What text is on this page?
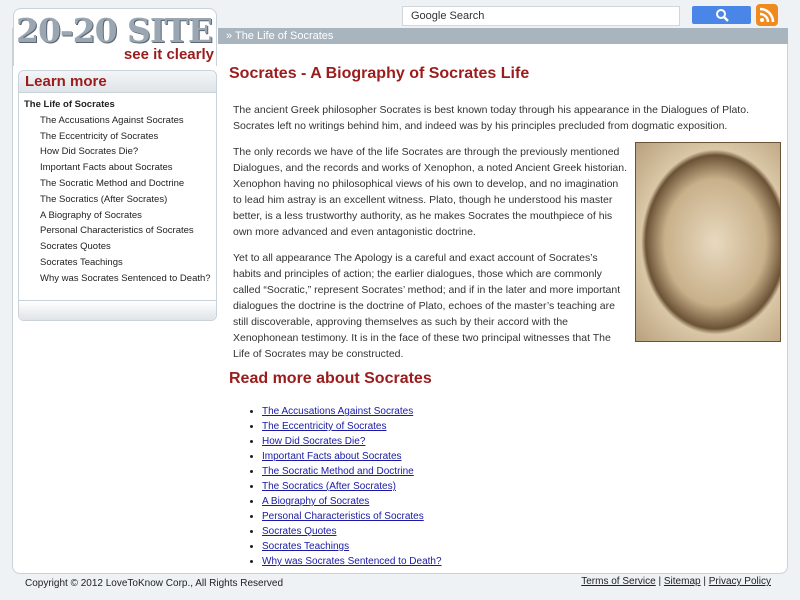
20-20 SITE
see it clearly
Google Search
» The Life of Socrates
Learn more
The Life of Socrates
The Accusations Against Socrates
The Eccentricity of Socrates
How Did Socrates Die?
Important Facts about Socrates
The Socratic Method and Doctrine
The Socratics (After Socrates)
A Biography of Socrates
Personal Characteristics of Socrates
Socrates Quotes
Socrates Teachings
Why was Socrates Sentenced to Death?
Socrates - A Biography of Socrates Life

The ancient Greek philosopher Socrates is best known today through his appearance in the Dialogues of Plato. Socrates left no writings behind him, and indeed was by his principles precluded from dogmatic exposition.

The only records we have of the life Socrates are through the previously mentioned Dialogues, and the records and works of Xenophon, a noted Ancient Greek historian. Xenophon having no philosophical views of his own to develop, and no imagination to lead him astray is an excellent witness. Plato, though he understood his master better, is a less trustworthy authority, as he makes Socrates the mouthpiece of his own more advanced and even antagonistic doctrine.

Yet to all appearance The Apology is a careful and exact account of Socrates’s habits and principles of action; the earlier dialogues, those which are commonly called “Socratic,” represent Socrates’ method; and if in the later and more important dialogues the doctrine is the doctrine of Plato, echoes of the master’s teaching are still discoverable, approving themselves as such by their accord with the Xenophonean testimony. It is in the face of these two principal witnesses that The Life of Socrates may be constructed.

Read more about Socrates
• The Accusations Against Socrates
• The Eccentricity of Socrates
• How Did Socrates Die?
• Important Facts about Socrates
• The Socratic Method and Doctrine
• The Socratics (After Socrates)
• A Biography of Socrates
• Personal Characteristics of Socrates
• Socrates Quotes
• Socrates Teachings
• Why was Socrates Sentenced to Death?
Copyright © 2012 LoveToKnow Corp., All Rights Reserved	Terms of Service | Sitemap | Privacy Policy
